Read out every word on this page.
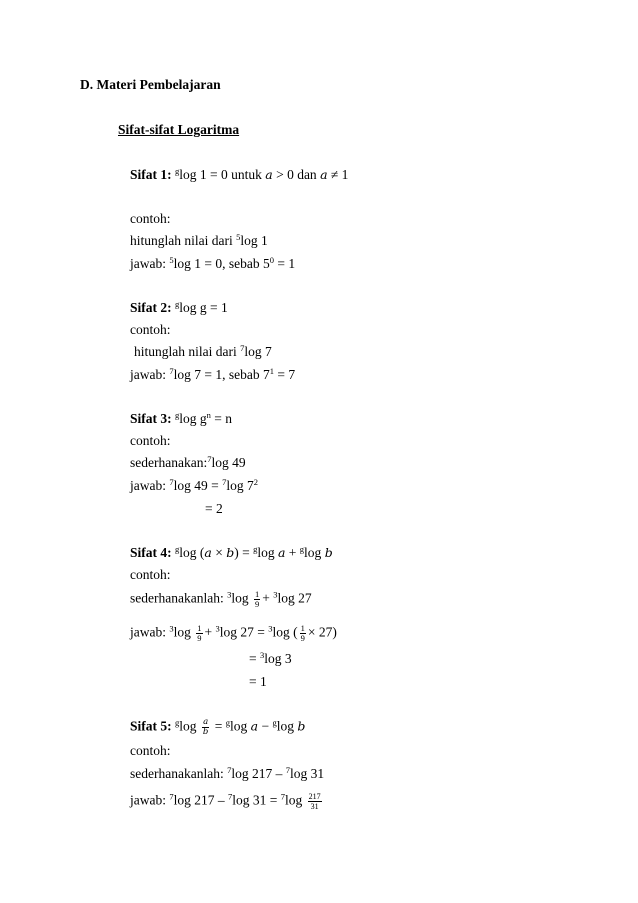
D. Materi Pembelajaran
Sifat-sifat Logaritma
Sifat 1: $^g$log 1 = 0 untuk a > 0 dan a ≠ 1
contoh:
hitunglah nilai dari $^5$log 1
jawab: $^5$log 1 = 0, sebab $5^0 = 1$
Sifat 2: $^g$log g = 1
contoh:
hitunglah nilai dari $^7$log 7
jawab: $^7$log 7 = 1, sebab $7^1 = 7$
Sifat 3: $^g$log $g^n = n$
contoh:
sederhanakan:$^7$log 49
jawab: $^7$log 49 = $^7$log $7^2$
= 2
Sifat 4: $^g$log (a × b) = $^g$log a + $^g$log b
contoh:
sederhanakanlah: $^3\log \frac{1}{9} + ^3\log$ 27
jawab: $^3\log \frac{1}{9} + ^3\log$ 27 = $^3$log ( $\frac{1}{9} \times 27$)
= $^3$log 3
= 1
Sifat 5: $^g\log \frac{a}{b} = ^g\log$ a − $^g$log b
contoh:
sederhanakanlah: $^7$log 217 – $^7$log 31
jawab: $^7$log 217 – $^7$log $31 = ^7\log \frac{217}{31}$
